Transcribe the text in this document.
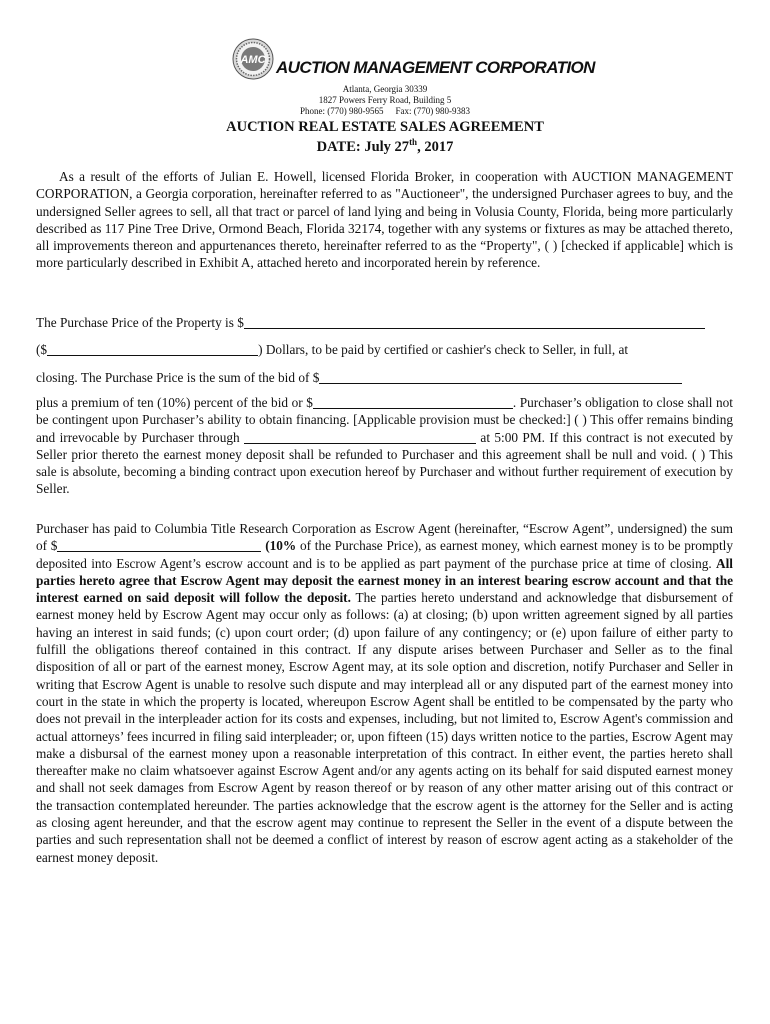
AMC AUCTION MANAGEMENT CORPORATION
Atlanta, Georgia 30339
1827 Powers Ferry Road, Building 5
Phone: (770) 980-9565 Fax: (770) 980-9383
AUCTION REAL ESTATE SALES AGREEMENT
DATE: July 27th, 2017

As a result of the efforts of Julian E. Howell, licensed Florida Broker, in cooperation with AUCTION MANAGEMENT CORPORATION, a Georgia corporation, hereinafter referred to as "Auctioneer", the undersigned Purchaser agrees to buy, and the undersigned Seller agrees to sell, all that tract or parcel of land lying and being in Volusia County, Florida, being more particularly described as 117 Pine Tree Drive, Ormond Beach, Florida 32174, together with any systems or fixtures as may be attached thereto, all improvements thereon and appurtenances thereto, hereinafter referred to as the “Property", ( ) [checked if applicable] which is more particularly described in Exhibit A, attached hereto and incorporated herein by reference.

The Purchase Price of the Property is $
($	) Dollars, to be paid by certified or cashier's check to Seller, in full, at
closing. The Purchase Price is the sum of the bid of $

plus a premium of ten (10%) percent of the bid or $	. Purchaser’s obligation to close shall not be contingent upon Purchaser’s ability to obtain financing. [Applicable provision must be checked:] ( ) This offer remains binding and irrevocable by Purchaser through	at 5:00 PM. If this contract is not executed by Seller prior thereto the earnest money deposit shall be refunded to Purchaser and this agreement shall be null and void. ( ) This sale is absolute, becoming a binding contract upon execution hereof by Purchaser and without further requirement of execution by Seller.

Purchaser has paid to Columbia Title Research Corporation as Escrow Agent (hereinafter, “Escrow Agent”, undersigned) the sum of $	(10% of the Purchase Price), as earnest money, which earnest money is to be promptly deposited into Escrow Agent’s escrow account and is to be applied as part payment of the purchase price at time of closing. All parties hereto agree that Escrow Agent may deposit the earnest money in an interest bearing escrow account and that the interest earned on said deposit will follow the deposit. The parties hereto understand and acknowledge that disbursement of earnest money held by Escrow Agent may occur only as follows: (a) at closing; (b) upon written agreement signed by all parties having an interest in said funds; (c) upon court order; (d) upon failure of any contingency; or (e) upon failure of either party to fulfill the obligations thereof contained in this contract. If any dispute arises between Purchaser and Seller as to the final disposition of all or part of the earnest money, Escrow Agent may, at its sole option and discretion, notify Purchaser and Seller in writing that Escrow Agent is unable to resolve such dispute and may interplead all or any disputed part of the earnest money into court in the state in which the property is located, whereupon Escrow Agent shall be entitled to be compensated by the party who does not prevail in the interpleader action for its costs and expenses, including, but not limited to, Escrow Agent's commission and actual attorneys’ fees incurred in filing said interpleader; or, upon fifteen (15) days written notice to the parties, Escrow Agent may make a disbursal of the earnest money upon a reasonable interpretation of this contract. In either event, the parties hereto shall thereafter make no claim whatsoever against Escrow Agent and/or any agents acting on its behalf for said disputed earnest money and shall not seek damages from Escrow Agent by reason thereof or by reason of any other matter arising out of this contract or the transaction contemplated hereunder. The parties acknowledge that the escrow agent is the attorney for the Seller and is acting as closing agent hereunder, and that the escrow agent may continue to represent the Seller in the event of a dispute between the parties and such representation shall not be deemed a conflict of interest by reason of escrow agent acting as a stakeholder of the earnest money deposit.
